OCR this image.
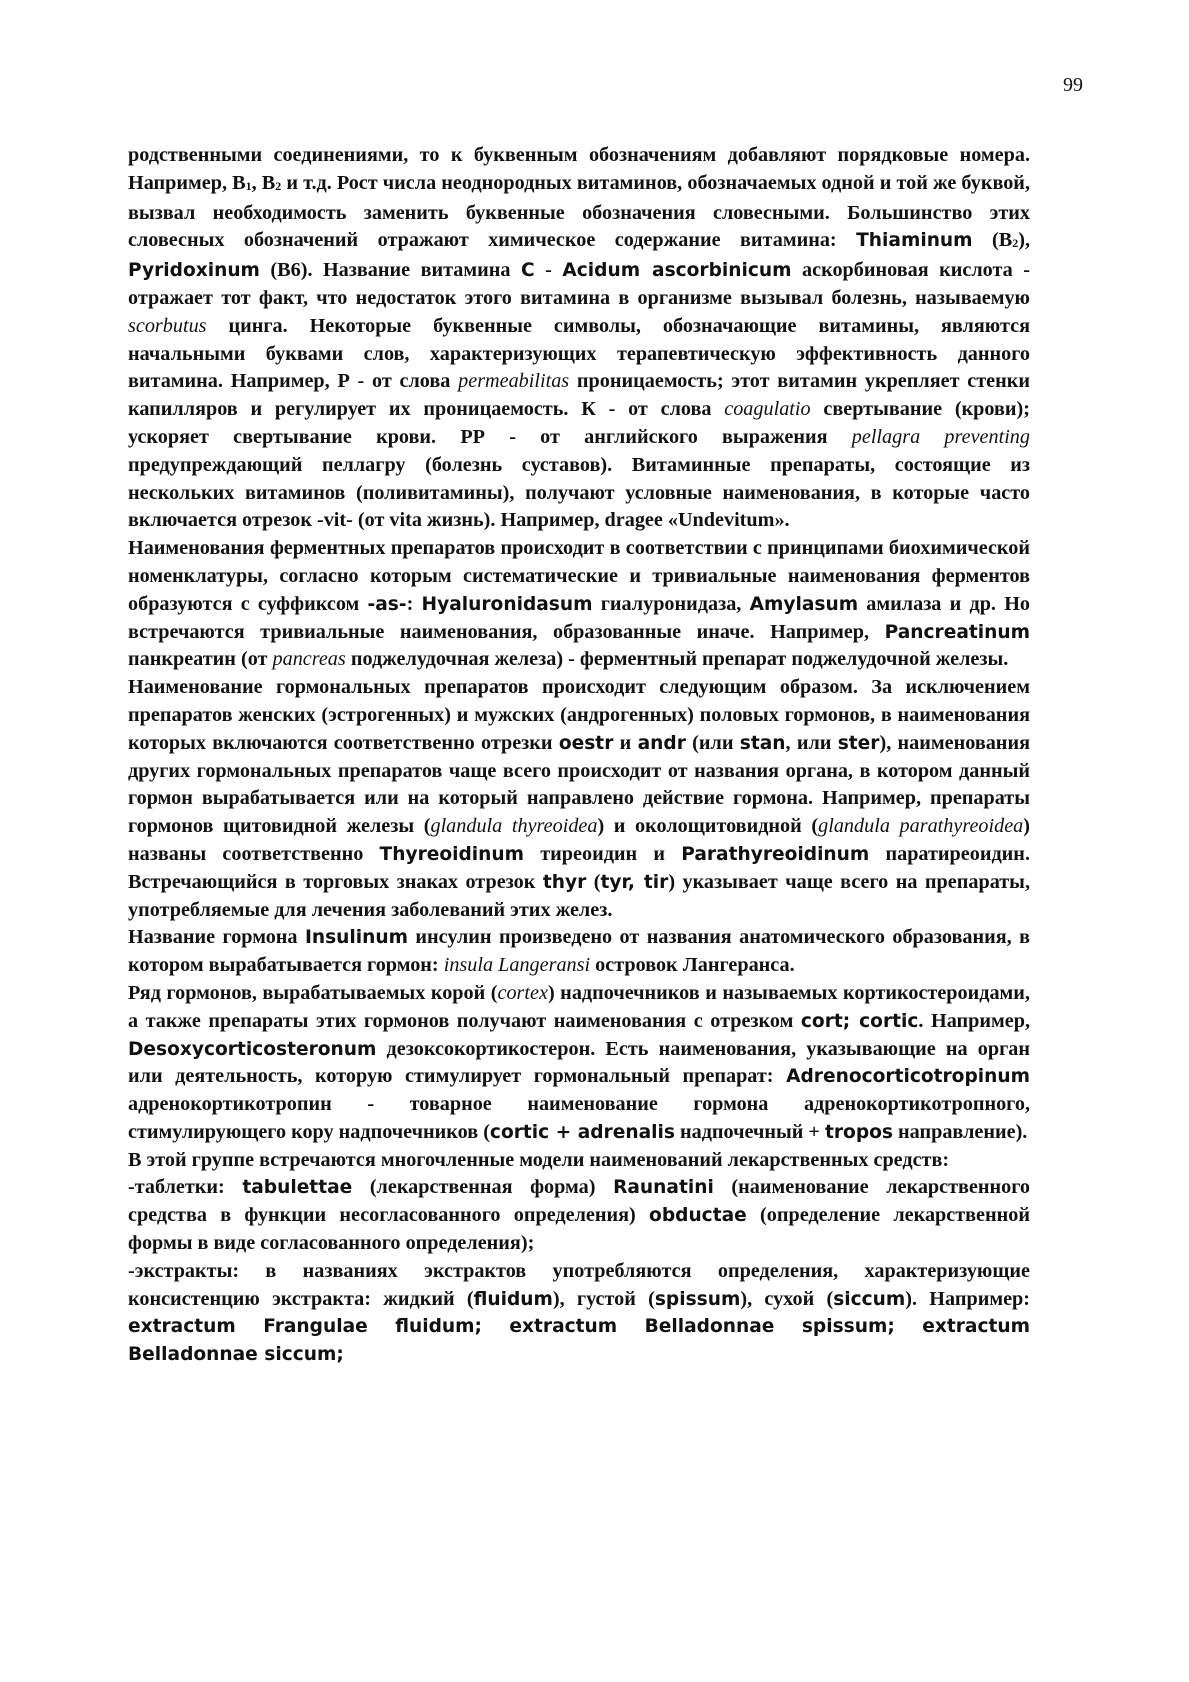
99

родственными соединениями, то к буквенным обозначениям добавляют порядковые номера. Например, В1, В2 и т.д. Рост числа неоднородных витаминов, обозначаемых одной и той же буквой, вызвал необходимость заменить буквенные обозначения словесными. Большинство этих словесных обозначений отражают химическое содержание витамина: Thiaminum (В2), Pyridoxinum (В6). Название витамина C - Acidum ascorbinicum аскорбиновая кислота - отражает тот факт, что недостаток этого витамина в организме вызывал болезнь, называемую scorbutus цинга. Некоторые буквенные символы, обозначающие витамины, являются начальными буквами слов, характеризующих терапевтическую эффективность данного витамина. Например, Р - от слова permeabilitas проницаемость; этот витамин укрепляет стенки капилляров и регулирует их проницаемость. К - от слова coagulatio свертывание (крови); ускоряет свертывание крови. РР - от английского выражения pellagra preventing предупреждающий пеллагру (болезнь суставов). Витаминные препараты, состоящие из нескольких витаминов (поливитамины), получают условные наименования, в которые часто включается отрезок -vit- (от vita жизнь). Например, dragee «Undevitum».

Наименования ферментных препаратов происходит в соответствии с принципами биохимической номенклатуры, согласно которым систематические и тривиальные наименования ферментов образуются с суффиксом -as-: Hyaluronidasum гиалуронидаза, Amylasum амилаза и др. Но встречаются тривиальные наименования, образованные иначе. Например, Pancreatinum панкреатин (от pancreas поджелудочная железа) - ферментный препарат поджелудочной железы.

Наименование гормональных препаратов происходит следующим образом. За исключением препаратов женских (эстрогенных) и мужских (андрогенных) половых гормонов, в наименования которых включаются соответственно отрезки oestr и andr (или stan, или ster), наименования других гормональных препаратов чаще всего происходит от названия органа, в котором данный гормон вырабатывается или на который направлено действие гормона. Например, препараты гормонов щитовидной железы (glandula thyreoidea) и околощитовидной (glandula parathyreoidea) названы соответственно Thyreoidinum тиреоидин и Parathyreoidinum паратиреоидин. Встречающийся в торговых знаках отрезок thyr (tyr, tir) указывает чаще всего на препараты, употребляемые для лечения заболеваний этих желез.

Название гормона Insulinum инсулин произведено от названия анатомического образования, в котором вырабатывается гормон: insula Langeransi островок Лангеранса.

Ряд гормонов, вырабатываемых корой (cortex) надпочечников и называемых кортикостероидами, а также препараты этих гормонов получают наименования с отрезком cort; cortic. Например, Desoxycorticosteronum дезоксокортикостерон. Есть наименования, указывающие на орган или деятельность, которую стимулирует гормональный препарат: Adrenocorticotropinum адренокортикотропин - товарное наименование гормона адренокортикотропного, стимулирующего кору надпочечников (cortic + adrenalis надпочечный + tropos направление).

В этой группе встречаются многочленные модели наименований лекарственных средств:

-таблетки: tabulettae (лекарственная форма) Raunatini (наименование лекарственного средства в функции несогласованного определения) obductae (определение лекарственной формы в виде согласованного определения);

-экстракты: в названиях экстрактов употребляются определения, характеризующие консистенцию экстракта: жидкий (fluidum), густой (spissum), сухой (siccum). Например: extractum Frangulae fluidum; extractum Belladonnae spissum; extractum Belladonnae siccum;
